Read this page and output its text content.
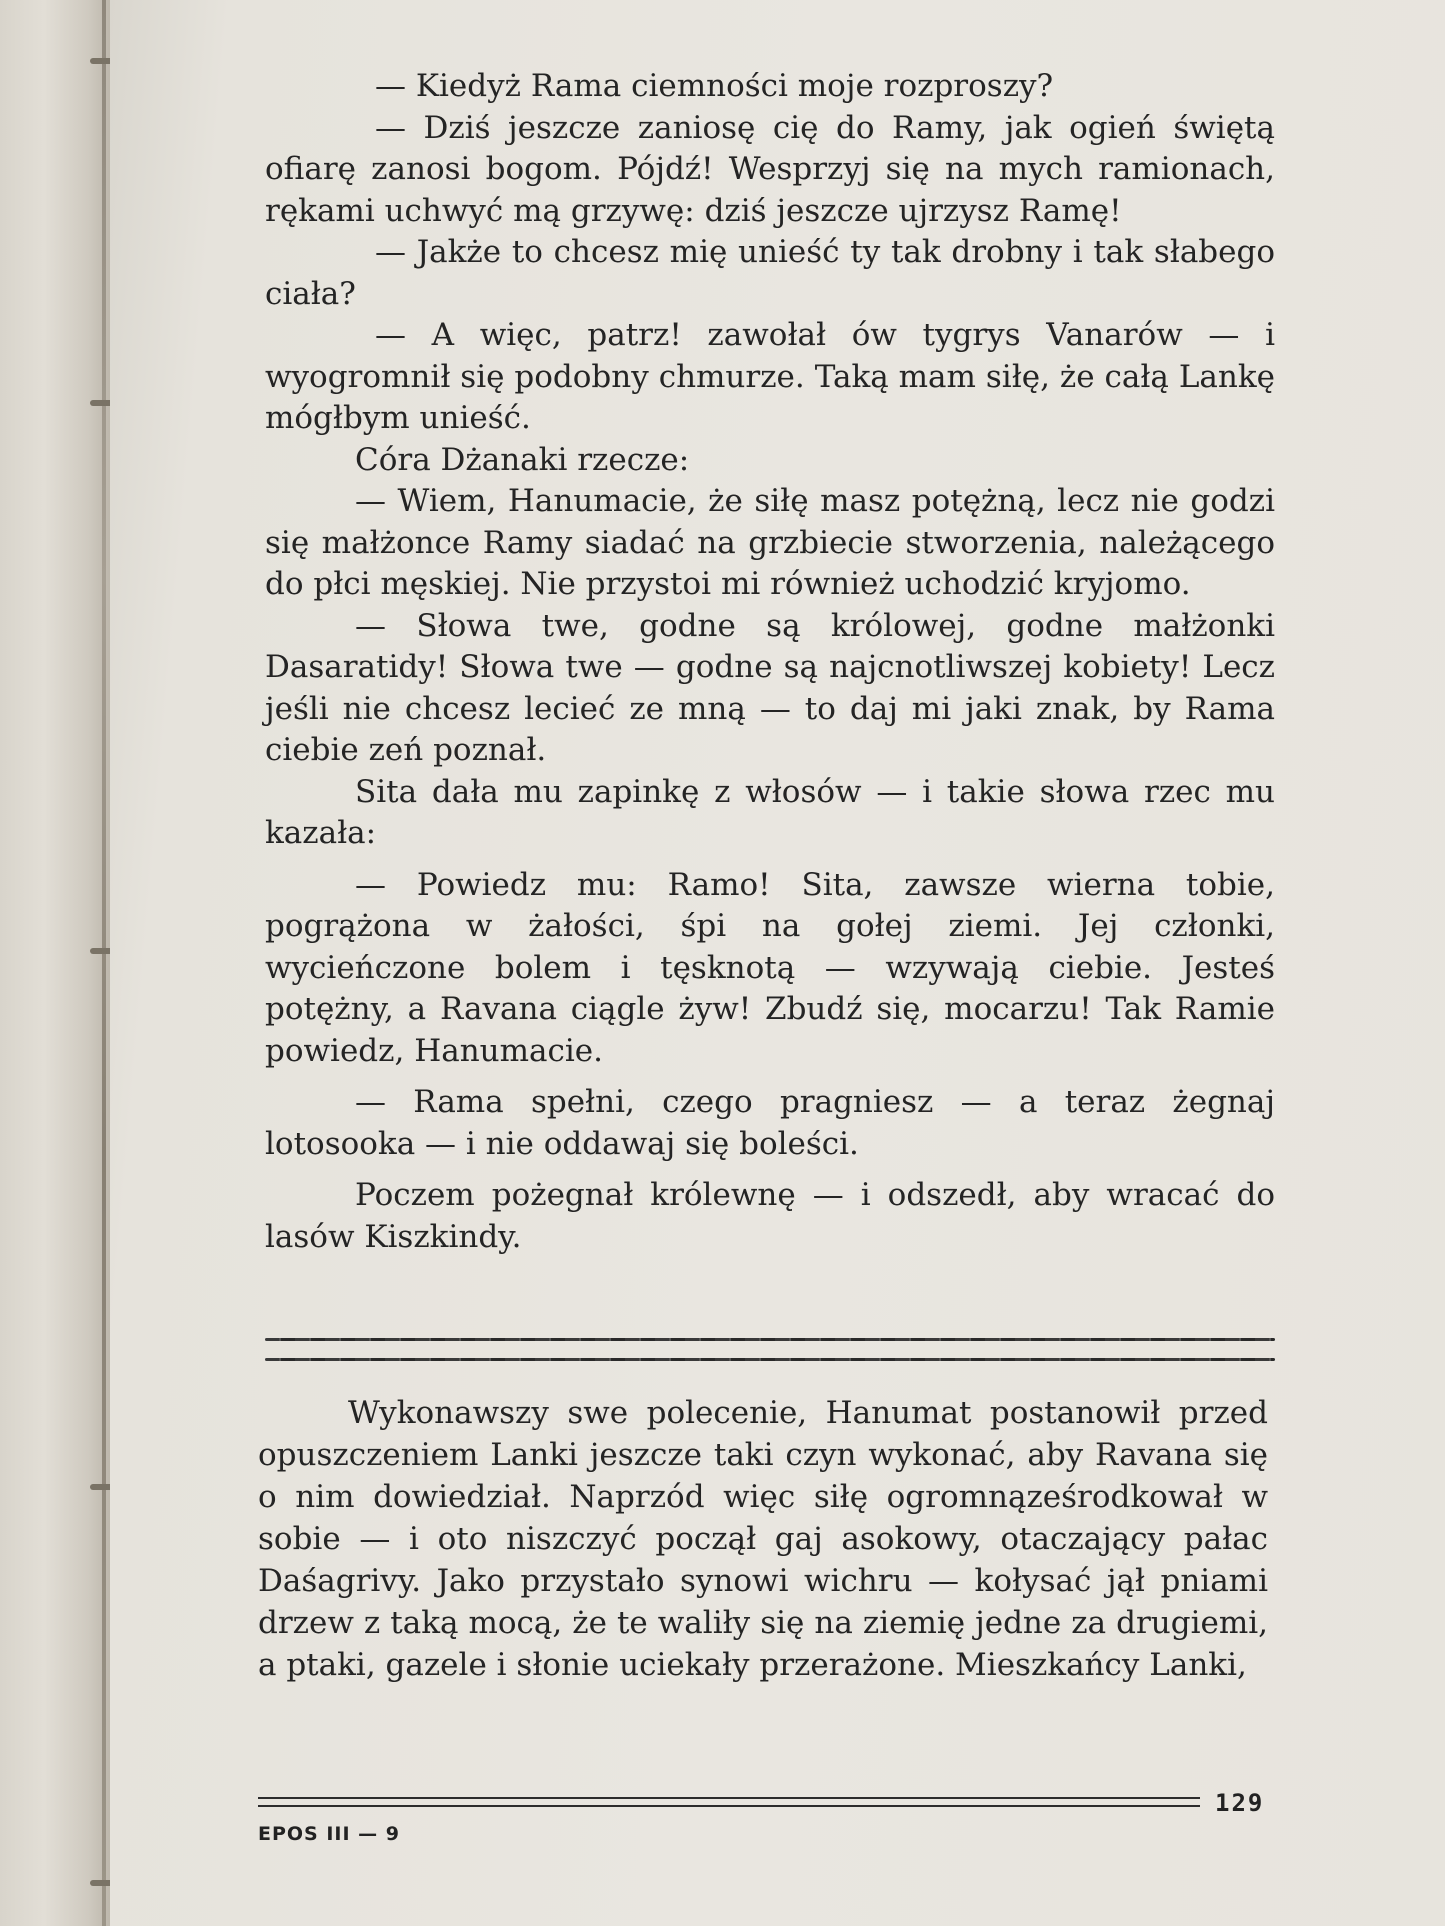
— Kiedyż Rama ciemności moje rozproszy?

— Dziś jeszcze zaniosę cię do Ramy, jak ogień świętą ofiarę zanosi bogom. Pójdź! Wesprzyj się na mych ramionach, rękami uchwyć mą grzywę: dziś jeszcze ujrzysz Ramę!

— Jakże to chcesz mię unieść ty tak drobny i tak słabego ciała?

— A więc, patrz! zawołał ów tygrys Vanarów — i wyogromnił się podobny chmurze. Taką mam siłę, że całą Lankę mógłbym unieść.

Córa Dżanaki rzecze:

— Wiem, Hanumacie, że siłę masz potężną, lecz nie godzi się małżonce Ramy siadać na grzbiecie stworzenia, należącego do płci męskiej. Nie przystoi mi również uchodzić kryjomo.

— Słowa twe, godne są królowej, godne małżonki Dasaratidy! Słowa twe — godne są najcnotliwszej kobiety! Lecz jeśli nie chcesz lecieć ze mną — to daj mi jaki znak, by Rama ciebie zeń poznał.

Sita dała mu zapinkę z włosów — i takie słowa rzec mu kazała:

— Powiedz mu: Ramo! Sita, zawsze wierna tobie, pogrążona w żałości, śpi na gołej ziemi. Jej członki, wycieńczone bolem i tęsknotą — wzywają ciebie. Jesteś potężny, a Ravana ciągle żyw! Zbudź się, mocarzu! Tak Ramie powiedz, Hanumacie.

— Rama spełni, czego pragniesz — a teraz żegnaj lotosooka — i nie oddawaj się boleści.

Poczem pożegnał królewnę — i odszedł, aby wracać do lasów Kiszkindy.

Wykonawszy swe polecenie, Hanumat postanowił przed opuszczeniem Lanki jeszcze taki czyn wykonać, aby Ravana się o nim dowiedział. Naprzód więc siłę ogromnąześrodkował w sobie — i oto niszczyć począł gaj asokowy, otaczający pałac Daśagrivy. Jako przystało synowi wichru — kołysać jął pniami drzew z taką mocą, że te waliły się na ziemię jedne za drugiemi, a ptaki, gazele i słonie uciekały przerażone. Mieszkańcy Lanki,

129
EPOS III — 9
